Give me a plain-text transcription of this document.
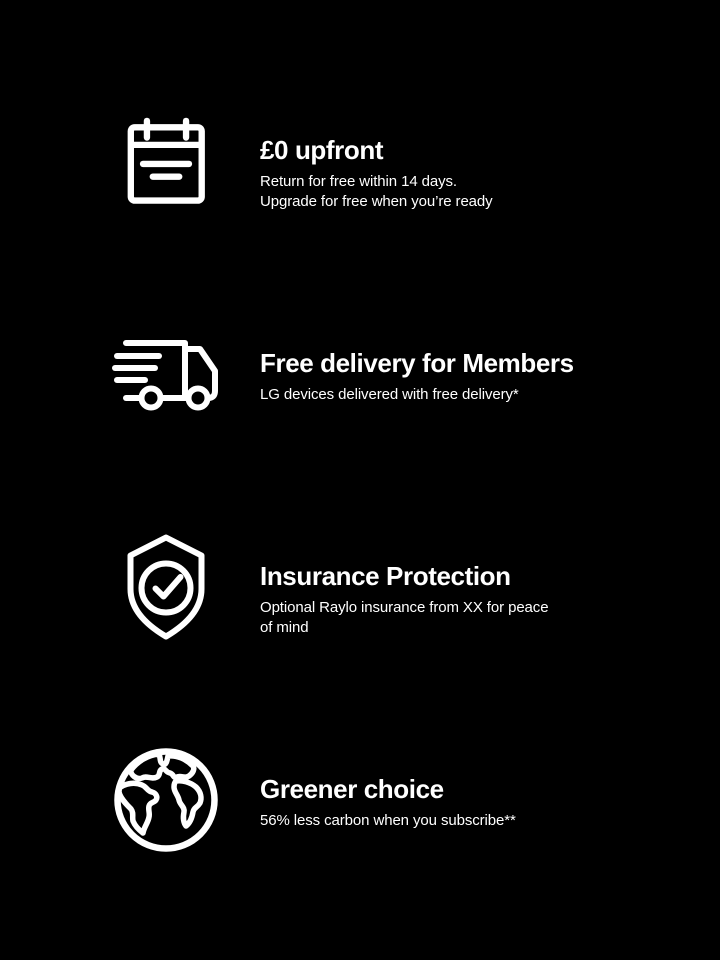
£0 upfront
Return for free within 14 days.
Upgrade for free when you’re ready
Free delivery for Members
LG devices delivered with free delivery*
Insurance Protection
Optional Raylo insurance from XX for peace
of mind
Greener choice
56% less carbon when you subscribe**
